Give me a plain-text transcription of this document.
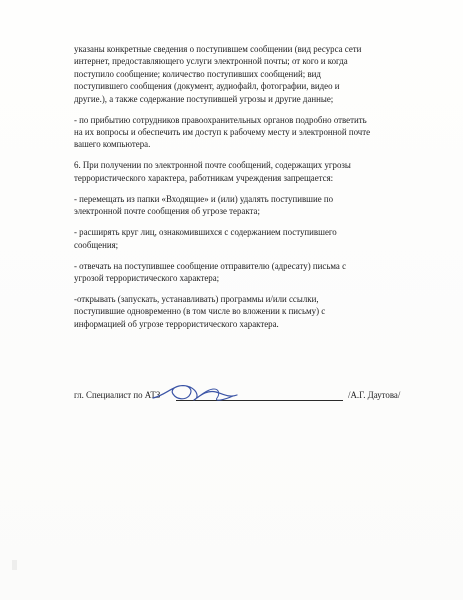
указаны конкретные сведения о поступившем сообщении (вид ресурса сети
интернет, предоставляющего услуги электронной почты; от кого и когда
поступило сообщение; количество поступивших сообщений; вид
поступившего сообщения (документ, аудиофайл, фотографии, видео и
другие.), а также содержание поступившей угрозы и другие данные;

- по прибытию сотрудников правоохранительных органов подробно ответить
на их вопросы и обеспечить им доступ к рабочему месту и электронной почте
вашего компьютера.

6. При получении по электронной почте сообщений, содержащих угрозы
террористического характера, работникам учреждения запрещается:

- перемещать из папки «Входящие» и (или) удалять поступившие по
электронной почте сообщения об угрозе теракта;

- расширять круг лиц, ознакомившихся с содержанием поступившего
сообщения;

- отвечать на поступившее сообщение отправителю (адресату) письма с
угрозой террористического характера;

-открывать (запускать, устанавливать) программы и/или ссылки,
поступившие одновременно (в том числе во вложении к письму) с
информацией об угрозе террористического характера.

гл. Специалист по АТЗ	/А.Г. Даутова/
